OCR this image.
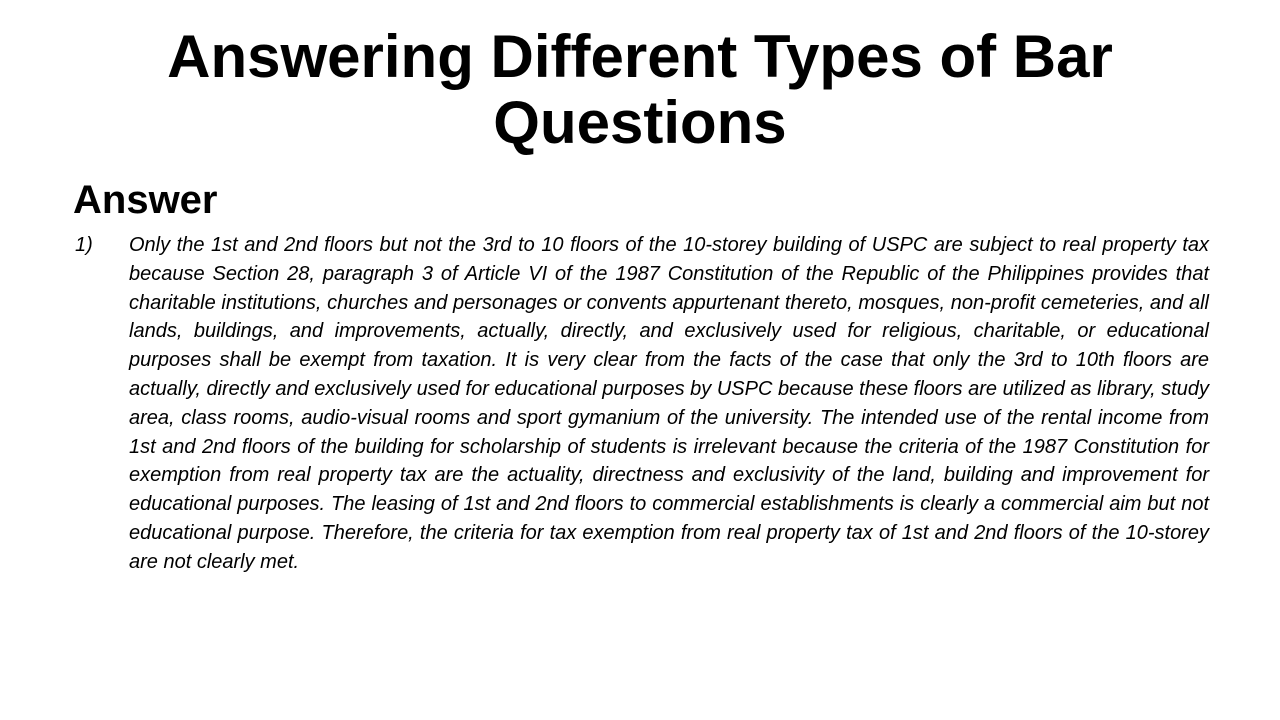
Answering Different Types of Bar Questions
Answer
1) Only the 1st and 2nd floors but not the 3rd to 10 floors of the 10-storey building of USPC are subject to real property tax because Section 28, paragraph 3 of Article VI of the 1987 Constitution of the Republic of the Philippines provides that charitable institutions, churches and personages or convents appurtenant thereto, mosques, non-profit cemeteries, and all lands, buildings, and improvements, actually, directly, and exclusively used for religious, charitable, or educational purposes shall be exempt from taxation. It is very clear from the facts of the case that only the 3rd to 10th floors are actually, directly and exclusively used for educational purposes by USPC because these floors are utilized as library, study area, class rooms, audio-visual rooms and sport gymanium of the university. The intended use of the rental income from 1st and 2nd floors of the building for scholarship of students is irrelevant because the criteria of the 1987 Constitution for exemption from real property tax are the actuality, directness and exclusivity of the land, building and improvement for educational purposes. The leasing of 1st and 2nd floors to commercial establishments is clearly a commercial aim but not educational purpose. Therefore, the criteria for tax exemption from real property tax of 1st and 2nd floors of the 10-storey are not clearly met.
